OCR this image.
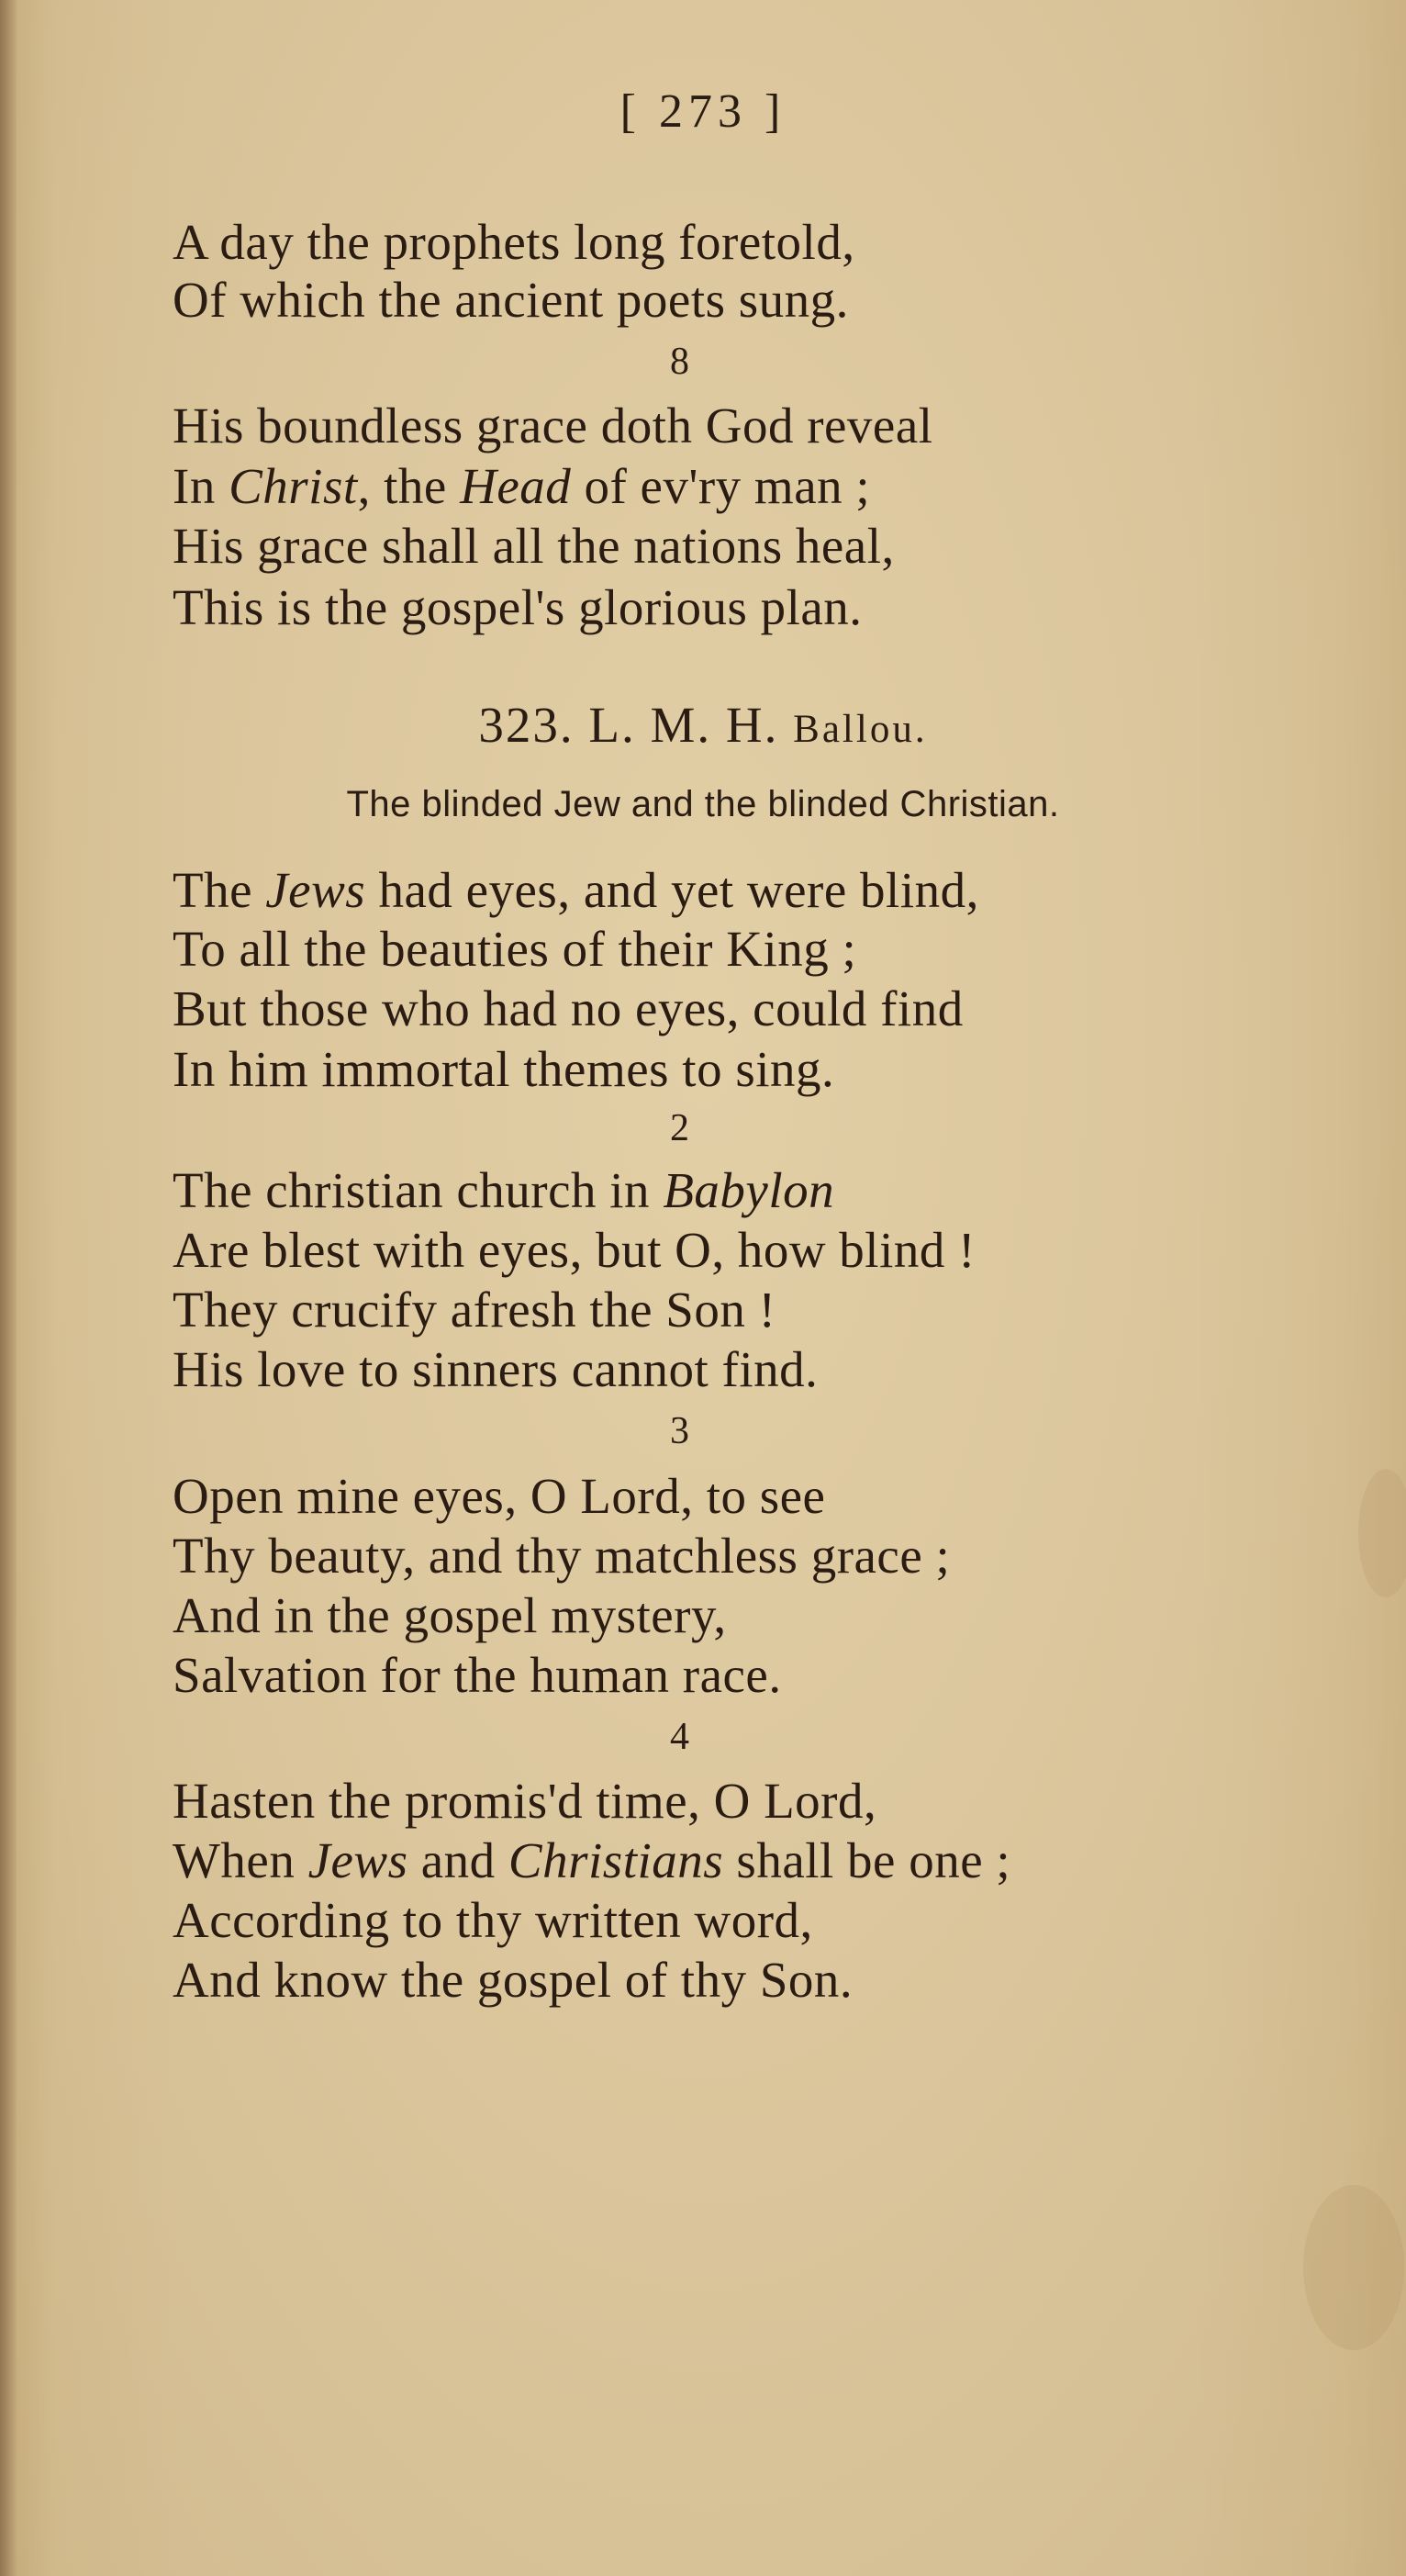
[ 273 ]
A day the prophets long foretold,
Of which the ancient poets sung.
8
His boundless grace doth God reveal
In Christ, the Head of ev'ry man ;
His grace shall all the nations heal,
This is the gospel's glorious plan.
323. L. M. H. Ballou.
The blinded Jew and the blinded Christian.
The Jews had eyes, and yet were blind,
To all the beauties of their King ;
But those who had no eyes, could find
In him immortal themes to sing.
2
The christian church in Babylon
Are blest with eyes, but O, how blind !
They crucify afresh the Son !
His love to sinners cannot find.
3
Open mine eyes, O Lord, to see
Thy beauty, and thy matchless grace ;
And in the gospel mystery,
Salvation for the human race.
4
Hasten the promis'd time, O Lord,
When Jews and Christians shall be one ;
According to thy written word,
And know the gospel of thy Son.
